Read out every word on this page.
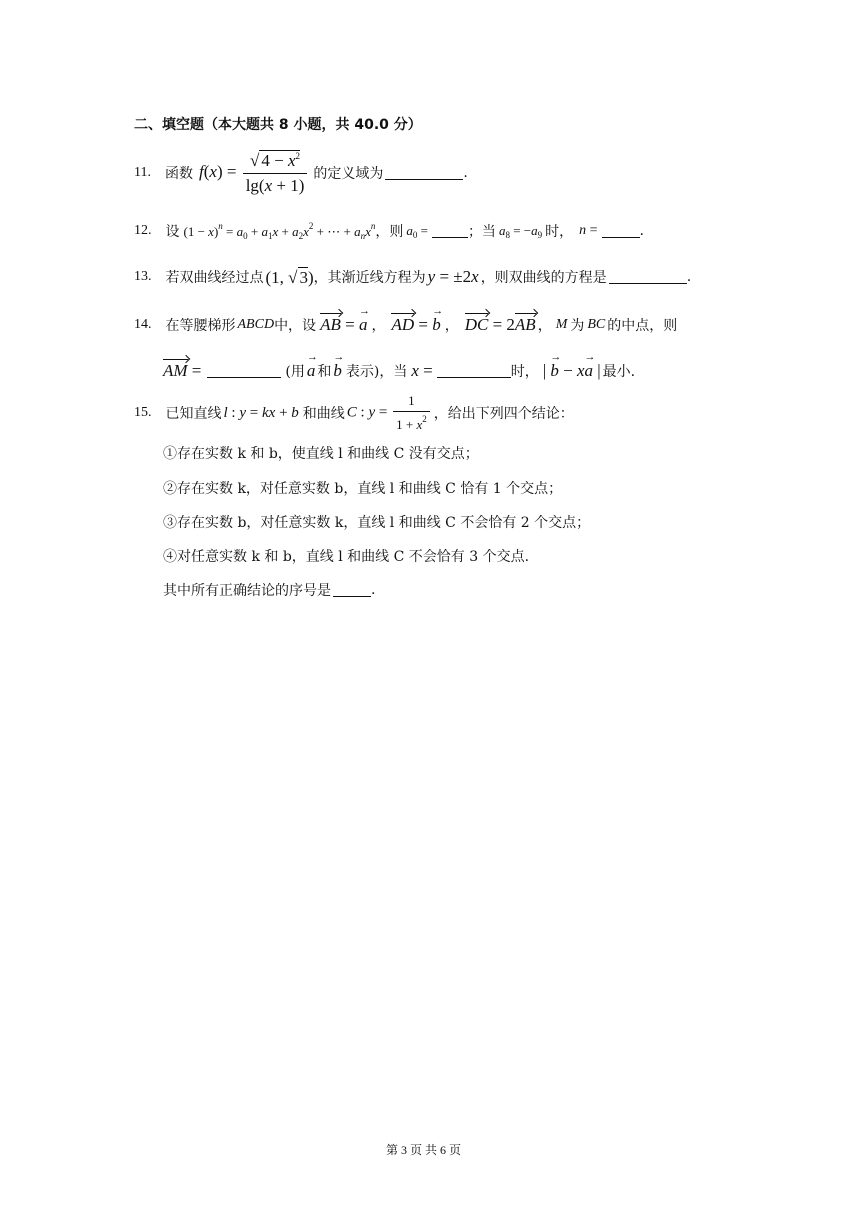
二、填空题（本大题共 8 小题，共 40.0 分）
11. 函数 $f(x) = \frac{√ 4 - x^2}{\lg(x + 1)}$ 的定义域为	.
12. 设 $(1 - x)^n = a_0 + a_1x + a_2x^2$ + ⋯ + $a_nx^n$ ，则 $a_0$ =	；当 $a_8 = -a_9$ 时， n =	.
13. 若双曲线经过点 (1, √ 3) ，其渐近线方程为 y = ±2x ，则双曲线的方程是	.
14. 在等腰梯形 ABCD 中，设 AB =
→
a ， AD =
→
b ， DC = 2AB ， M 为 BC 的中点，则
AM =	(用
→
a 和
→
b 表示)，当 x =	时， |
→
b − x
→
a | 最小.
15. 已知直线 l : y = kx + b 和曲线 C : $y = \frac{1}{1 + x^2}$ ，给出下列四个结论：
①存在实数 k 和 b，使直线 l 和曲线 C 没有交点；
②存在实数 k，对任意实数 b，直线 l 和曲线 C 恰有 1 个交点；
③存在实数 b，对任意实数 k，直线 l 和曲线 C 不会恰有 2 个交点；
④对任意实数 k 和 b，直线 l 和曲线 C 不会恰有 3 个交点.
其中所有正确结论的序号是	.
第 3 页 共 6 页
